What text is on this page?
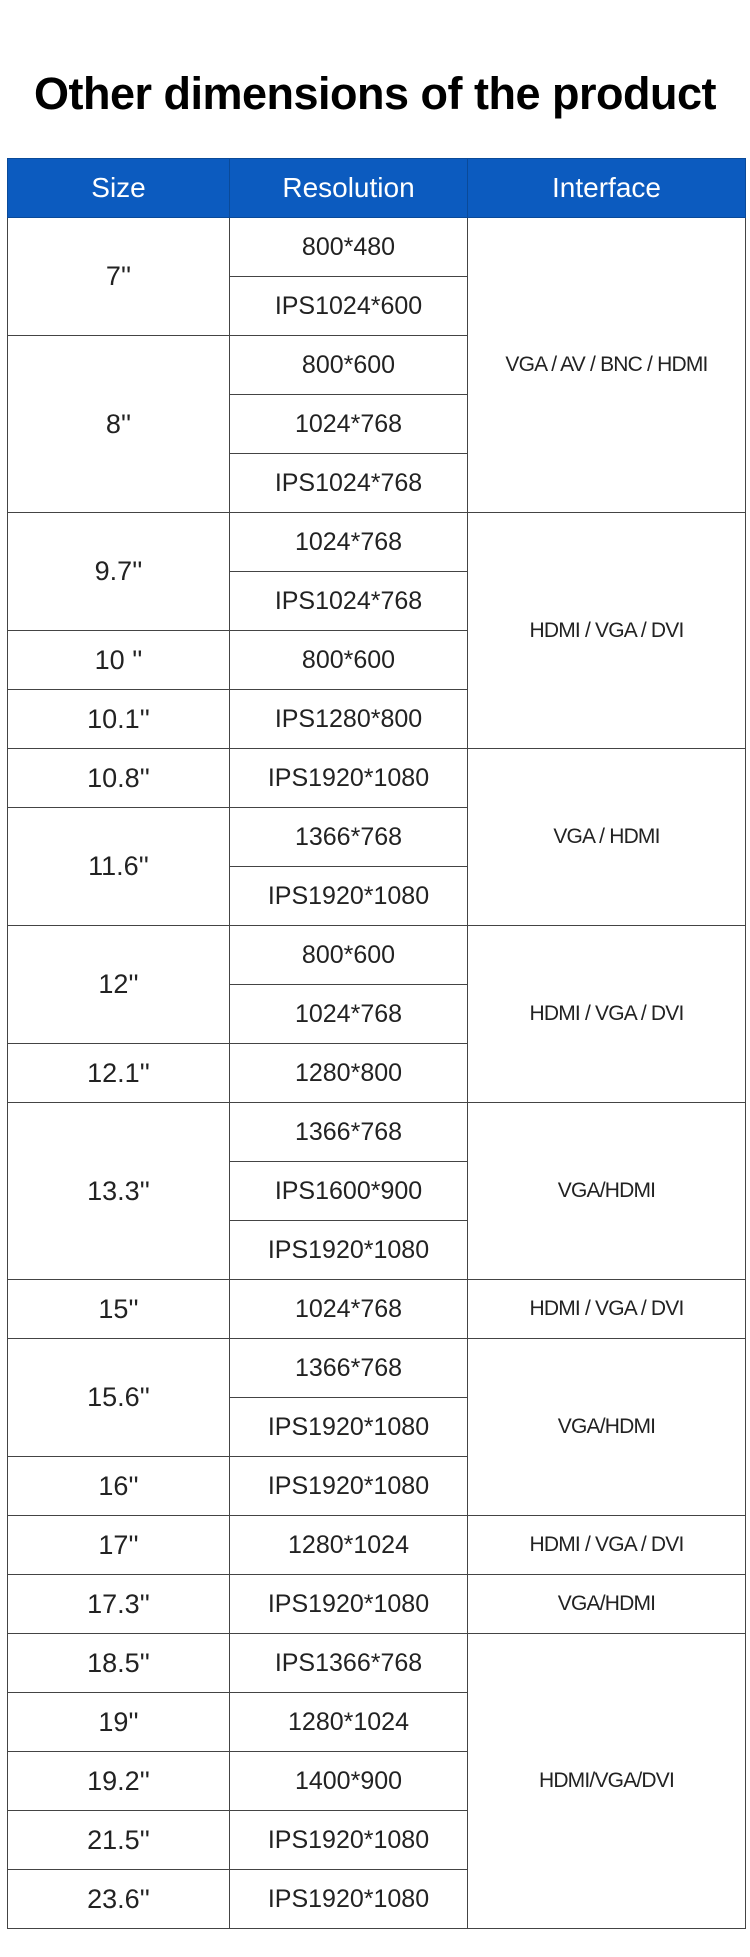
Other dimensions of the product
Size	Resolution	Interface
7''	800*480	VGA / AV / BNC / HDMI
	IPS1024*600	
8''	800*600	
	1024*768	
	IPS1024*768	
9.7''	1024*768	HDMI / VGA / DVI
	IPS1024*768	
10 ''	800*600	
10.1''	IPS1280*800	
10.8''	IPS1920*1080	VGA / HDMI
11.6''	1366*768	
	IPS1920*1080	
12''	800*600	HDMI / VGA / DVI
	1024*768	
12.1''	1280*800	
13.3''	1366*768	VGA/HDMI
	IPS1600*900	
	IPS1920*1080	
15''	1024*768	HDMI / VGA / DVI
15.6''	1366*768	VGA/HDMI
	IPS1920*1080	
16''	IPS1920*1080	
17''	1280*1024	HDMI / VGA / DVI
17.3''	IPS1920*1080	VGA/HDMI
18.5''	IPS1366*768	HDMI/VGA/DVI
19''	1280*1024	
19.2''	1400*900	
21.5''	IPS1920*1080	
23.6''	IPS1920*1080	
